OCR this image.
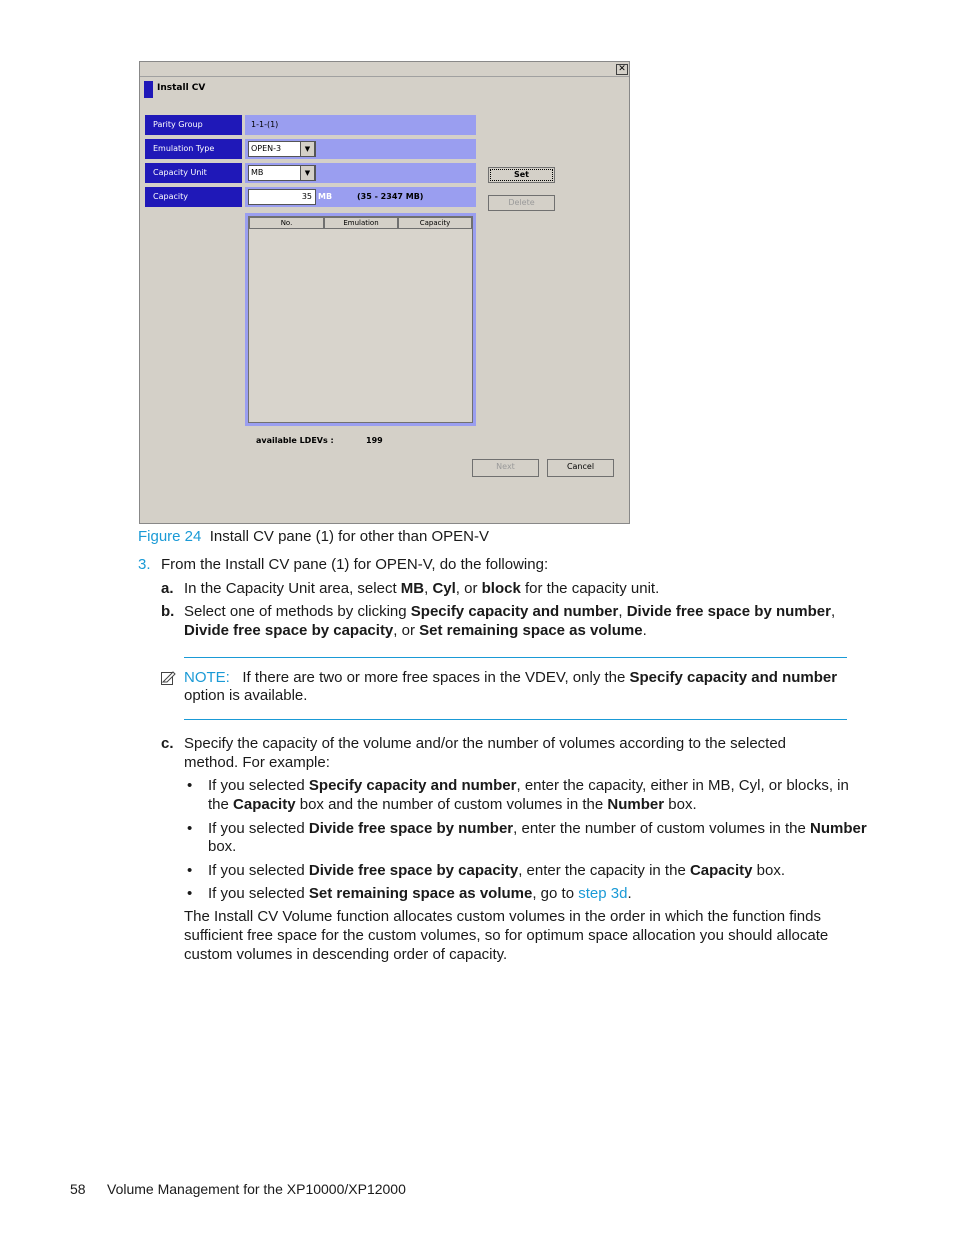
✕
Install CV
Parity Group	1-1-(1)
Emulation Type	OPEN-3	▼
Capacity Unit	MB	▼
Capacity	35 MB	(35 - 2347 MB)
Set
Delete
No.	Emulation	Capacity
available LDEVs :	199
Next	Cancel
Figure 24 Install CV pane (1) for other than OPEN-V
3. From the Install CV pane (1) for OPEN-V, do the following:
a. In the Capacity Unit area, select MB, Cyl, or block for the capacity unit.
b. Select one of methods by clicking Specify capacity and number, Divide free space by number,
Divide free space by capacity, or Set remaining space as volume.
NOTE: If there are two or more free spaces in the VDEV, only the Specify capacity and number
option is available.
c. Specify the capacity of the volume and/or the number of volumes according to the selected
method. For example:
• If you selected Specify capacity and number, enter the capacity, either in MB, Cyl, or blocks, in
the Capacity box and the number of custom volumes in the Number box.
• If you selected Divide free space by number, enter the number of custom volumes in the Number
box.
• If you selected Divide free space by capacity, enter the capacity in the Capacity box.
• If you selected Set remaining space as volume, go to step 3d.
The Install CV Volume function allocates custom volumes in the order in which the function finds
sufficient free space for the custom volumes, so for optimum space allocation you should allocate
custom volumes in descending order of capacity.
58 Volume Management for the XP10000/XP12000
